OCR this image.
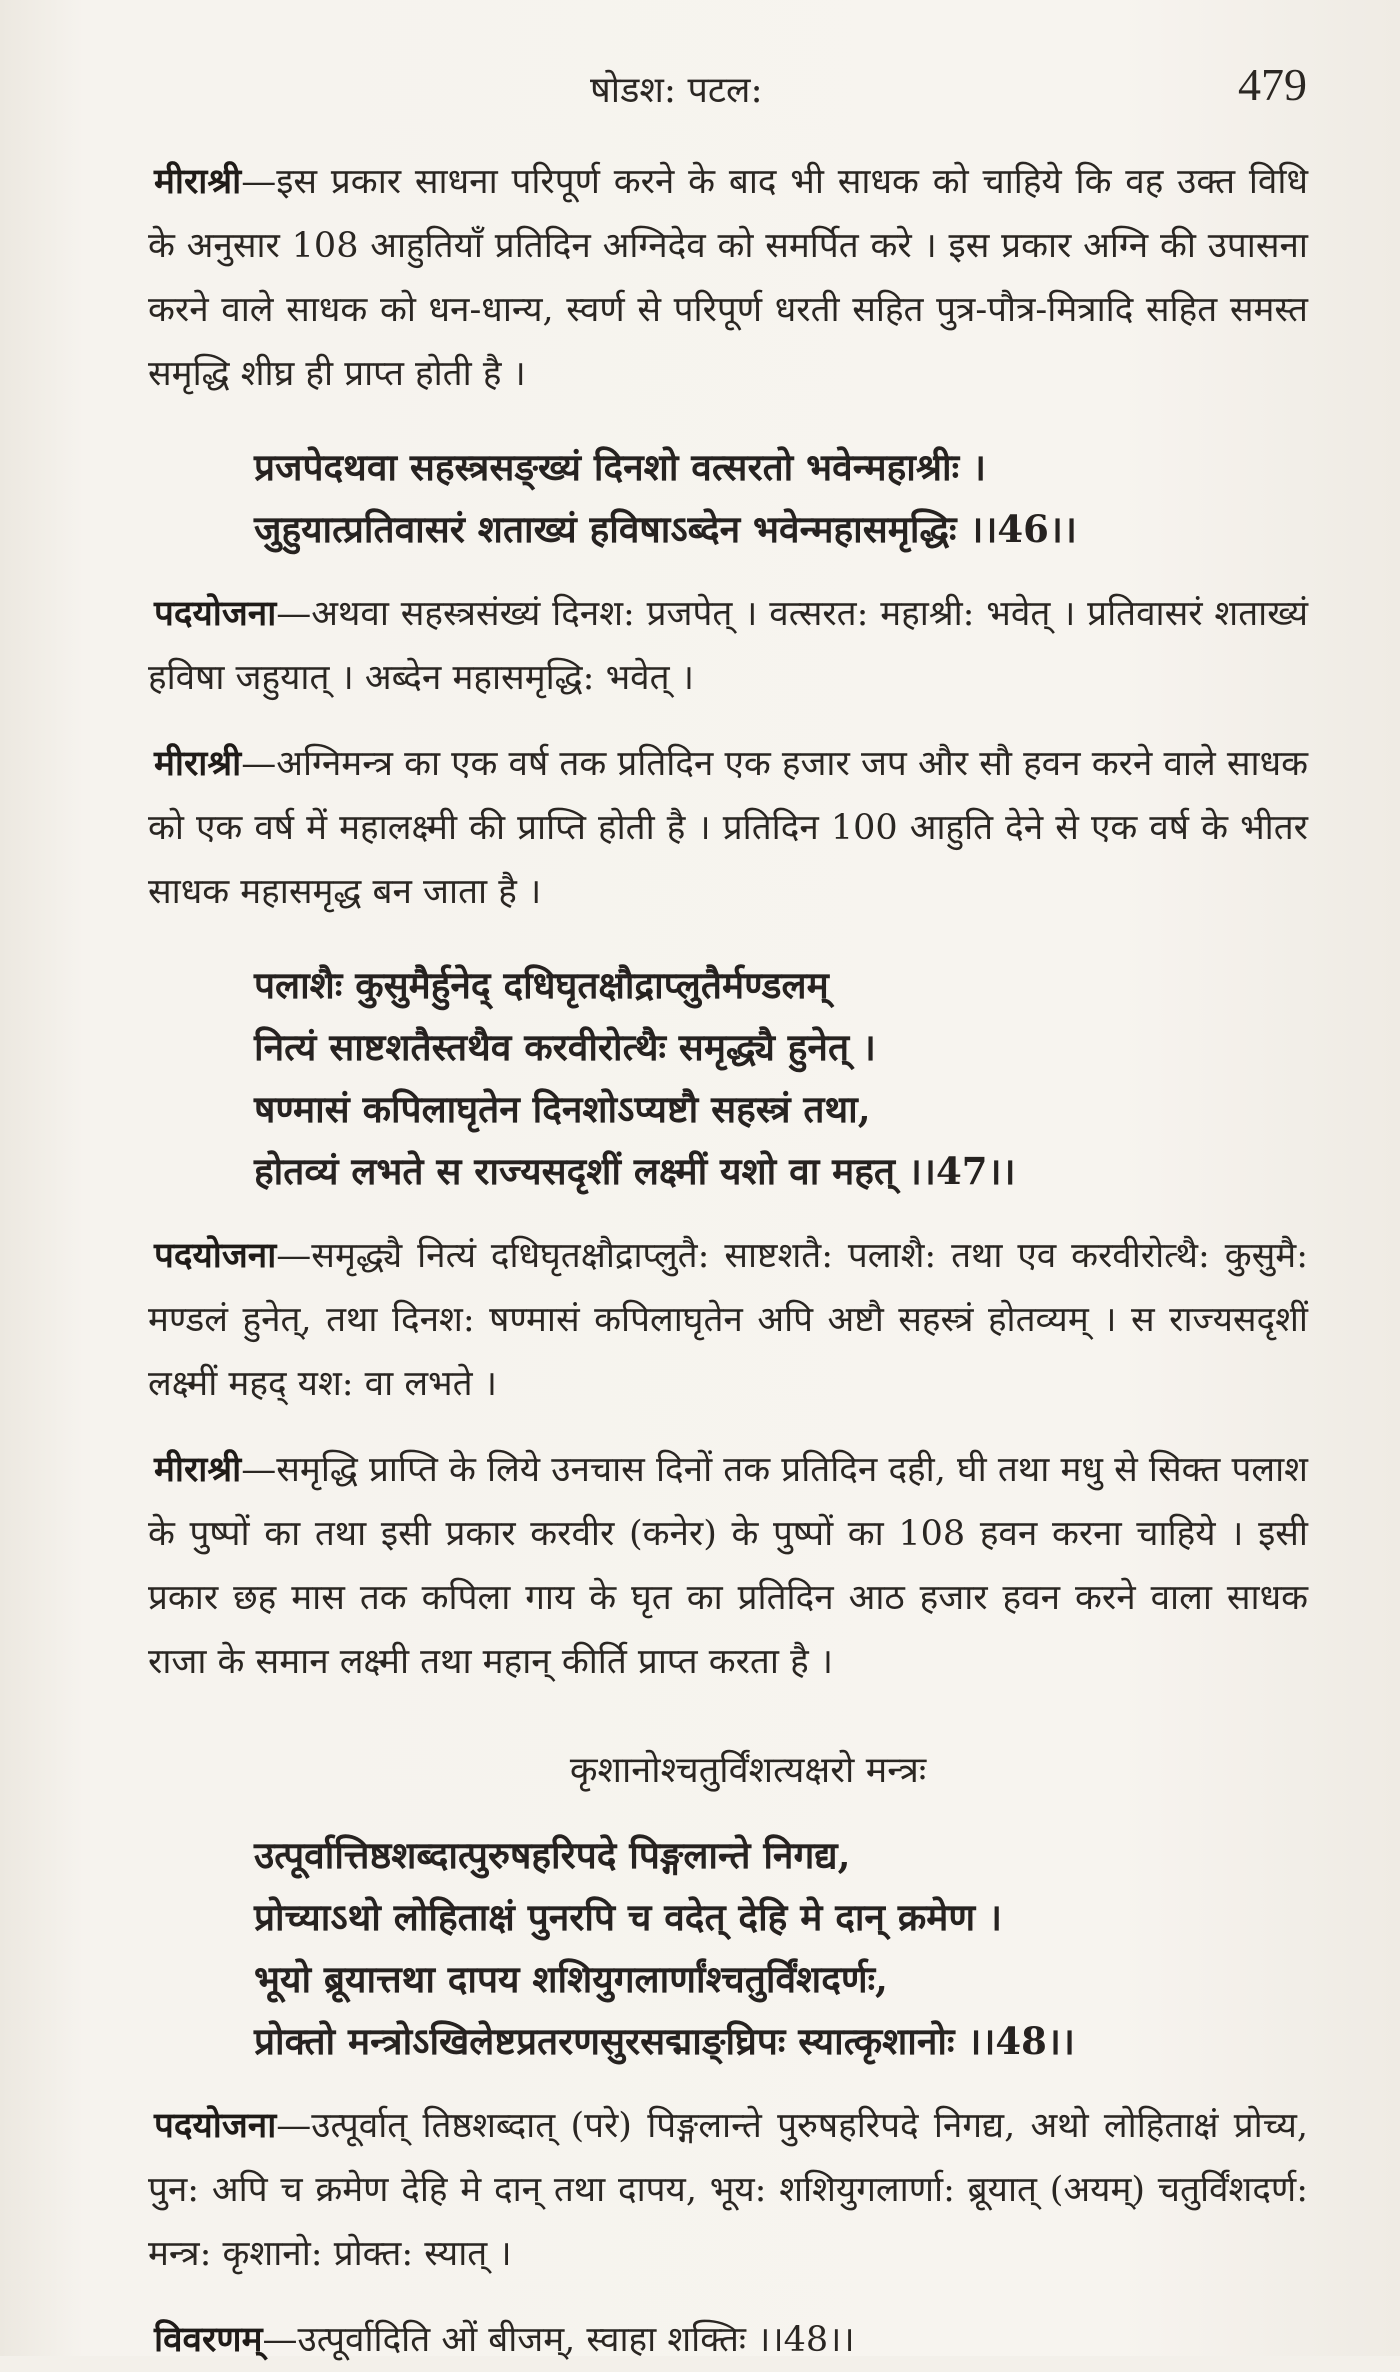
षोडश: पटल:	479

मीराश्री—इस प्रकार साधना परिपूर्ण करने के बाद भी साधक को चाहिये कि वह उक्त विधि के अनुसार 108 आहुतियाँ प्रतिदिन अग्निदेव को समर्पित करे । इस प्रकार अग्नि की उपासना करने वाले साधक को धन-धान्य, स्वर्ण से परिपूर्ण धरती सहित पुत्र-पौत्र-मित्रादि सहित समस्त समृद्धि शीघ्र ही प्राप्त होती है ।

प्रजपेदथवा सहस्त्रसङ्ख्यं दिनशो वत्सरतो भवेन्महाश्रीः ।
जुहुयात्प्रतिवासरं शताख्यं हविषाऽब्देन भवेन्महासमृद्धिः ।।46।।

पदयोजना—अथवा सहस्त्रसंख्यं दिनश: प्रजपेत् । वत्सरत: महाश्री: भवेत् । प्रतिवासरं शताख्यं हविषा जहुयात् । अब्देन महासमृद्धि: भवेत् ।

मीराश्री—अग्निमन्त्र का एक वर्ष तक प्रतिदिन एक हजार जप और सौ हवन करने वाले साधक को एक वर्ष में महालक्ष्मी की प्राप्ति होती है । प्रतिदिन 100 आहुति देने से एक वर्ष के भीतर साधक महासमृद्ध बन जाता है ।

पलाशैः कुसुमैर्हुनेद् दधिघृतक्षौद्राप्लुतैर्मण्डलम्
नित्यं साष्टशतैस्तथैव करवीरोत्थैः समृद्ध्यै हुनेत् ।
षण्मासं कपिलाघृतेन दिनशोऽप्यष्टौ सहस्त्रं तथा,
होतव्यं लभते स राज्यसदृशीं लक्ष्मीं यशो वा महत् ।।47।।

पदयोजना—समृद्ध्यै नित्यं दधिघृतक्षौद्राप्लुतै: साष्टशतै: पलाशै: तथा एव करवीरोत्थै: कुसुमै: मण्डलं हुनेत्, तथा दिनश: षण्मासं कपिलाघृतेन अपि अष्टौ सहस्त्रं होतव्यम् । स राज्यसदृशीं लक्ष्मीं महद् यश: वा लभते ।

मीराश्री—समृद्धि प्राप्ति के लिये उनचास दिनों तक प्रतिदिन दही, घी तथा मधु से सिक्त पलाश के पुष्पों का तथा इसी प्रकार करवीर (कनेर) के पुष्पों का 108 हवन करना चाहिये । इसी प्रकार छह मास तक कपिला गाय के घृत का प्रतिदिन आठ हजार हवन करने वाला साधक राजा के समान लक्ष्मी तथा महान् कीर्ति प्राप्त करता है ।

कृशानोश्चतुर्विंशत्यक्षरो मन्त्रः

उत्पूर्वात्तिष्ठशब्दात्पुरुषहरिपदे पिङ्गलान्ते निगद्य,
प्रोच्याऽथो लोहिताक्षं पुनरपि च वदेत् देहि मे दान् क्रमेण ।
भूयो ब्रूयात्तथा दापय शशियुगलार्णांश्चतुर्विंशदर्णः,
प्रोक्तो मन्त्रोऽखिलेष्टप्रतरणसुरसद्माङ्घ्रिपः स्यात्कृशानोः ।।48।।

पदयोजना—उत्पूर्वात् तिष्ठशब्दात् (परे) पिङ्गलान्ते पुरुषहरिपदे निगद्य, अथो लोहिताक्षं प्रोच्य, पुन: अपि च क्रमेण देहि मे दान् तथा दापय, भूय: शशियुगलार्णा: ब्रूयात् (अयम्) चतुर्विंशदर्ण: मन्त्र: कृशानो: प्रोक्त: स्यात् ।

विवरणम्—उत्पूर्वादिति ओं बीजम्, स्वाहा शक्तिः ।।48।।
